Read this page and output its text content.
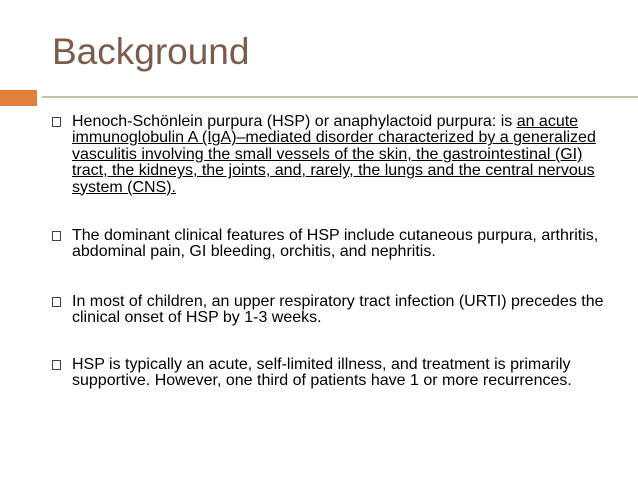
Background
Henoch-Schönlein purpura (HSP) or anaphylactoid purpura: is an acute immunoglobulin A (IgA)–mediated disorder characterized by a generalized vasculitis involving the small vessels of the skin, the gastrointestinal (GI) tract, the kidneys, the joints, and, rarely, the lungs and the central nervous system (CNS).
The dominant clinical features of HSP include cutaneous purpura, arthritis, abdominal pain, GI bleeding, orchitis, and nephritis.
In most of children, an upper respiratory tract infection (URTI) precedes the clinical onset of HSP by 1-3 weeks.
HSP is typically an acute, self-limited illness, and treatment is primarily supportive. However, one third of patients have 1 or more recurrences.
